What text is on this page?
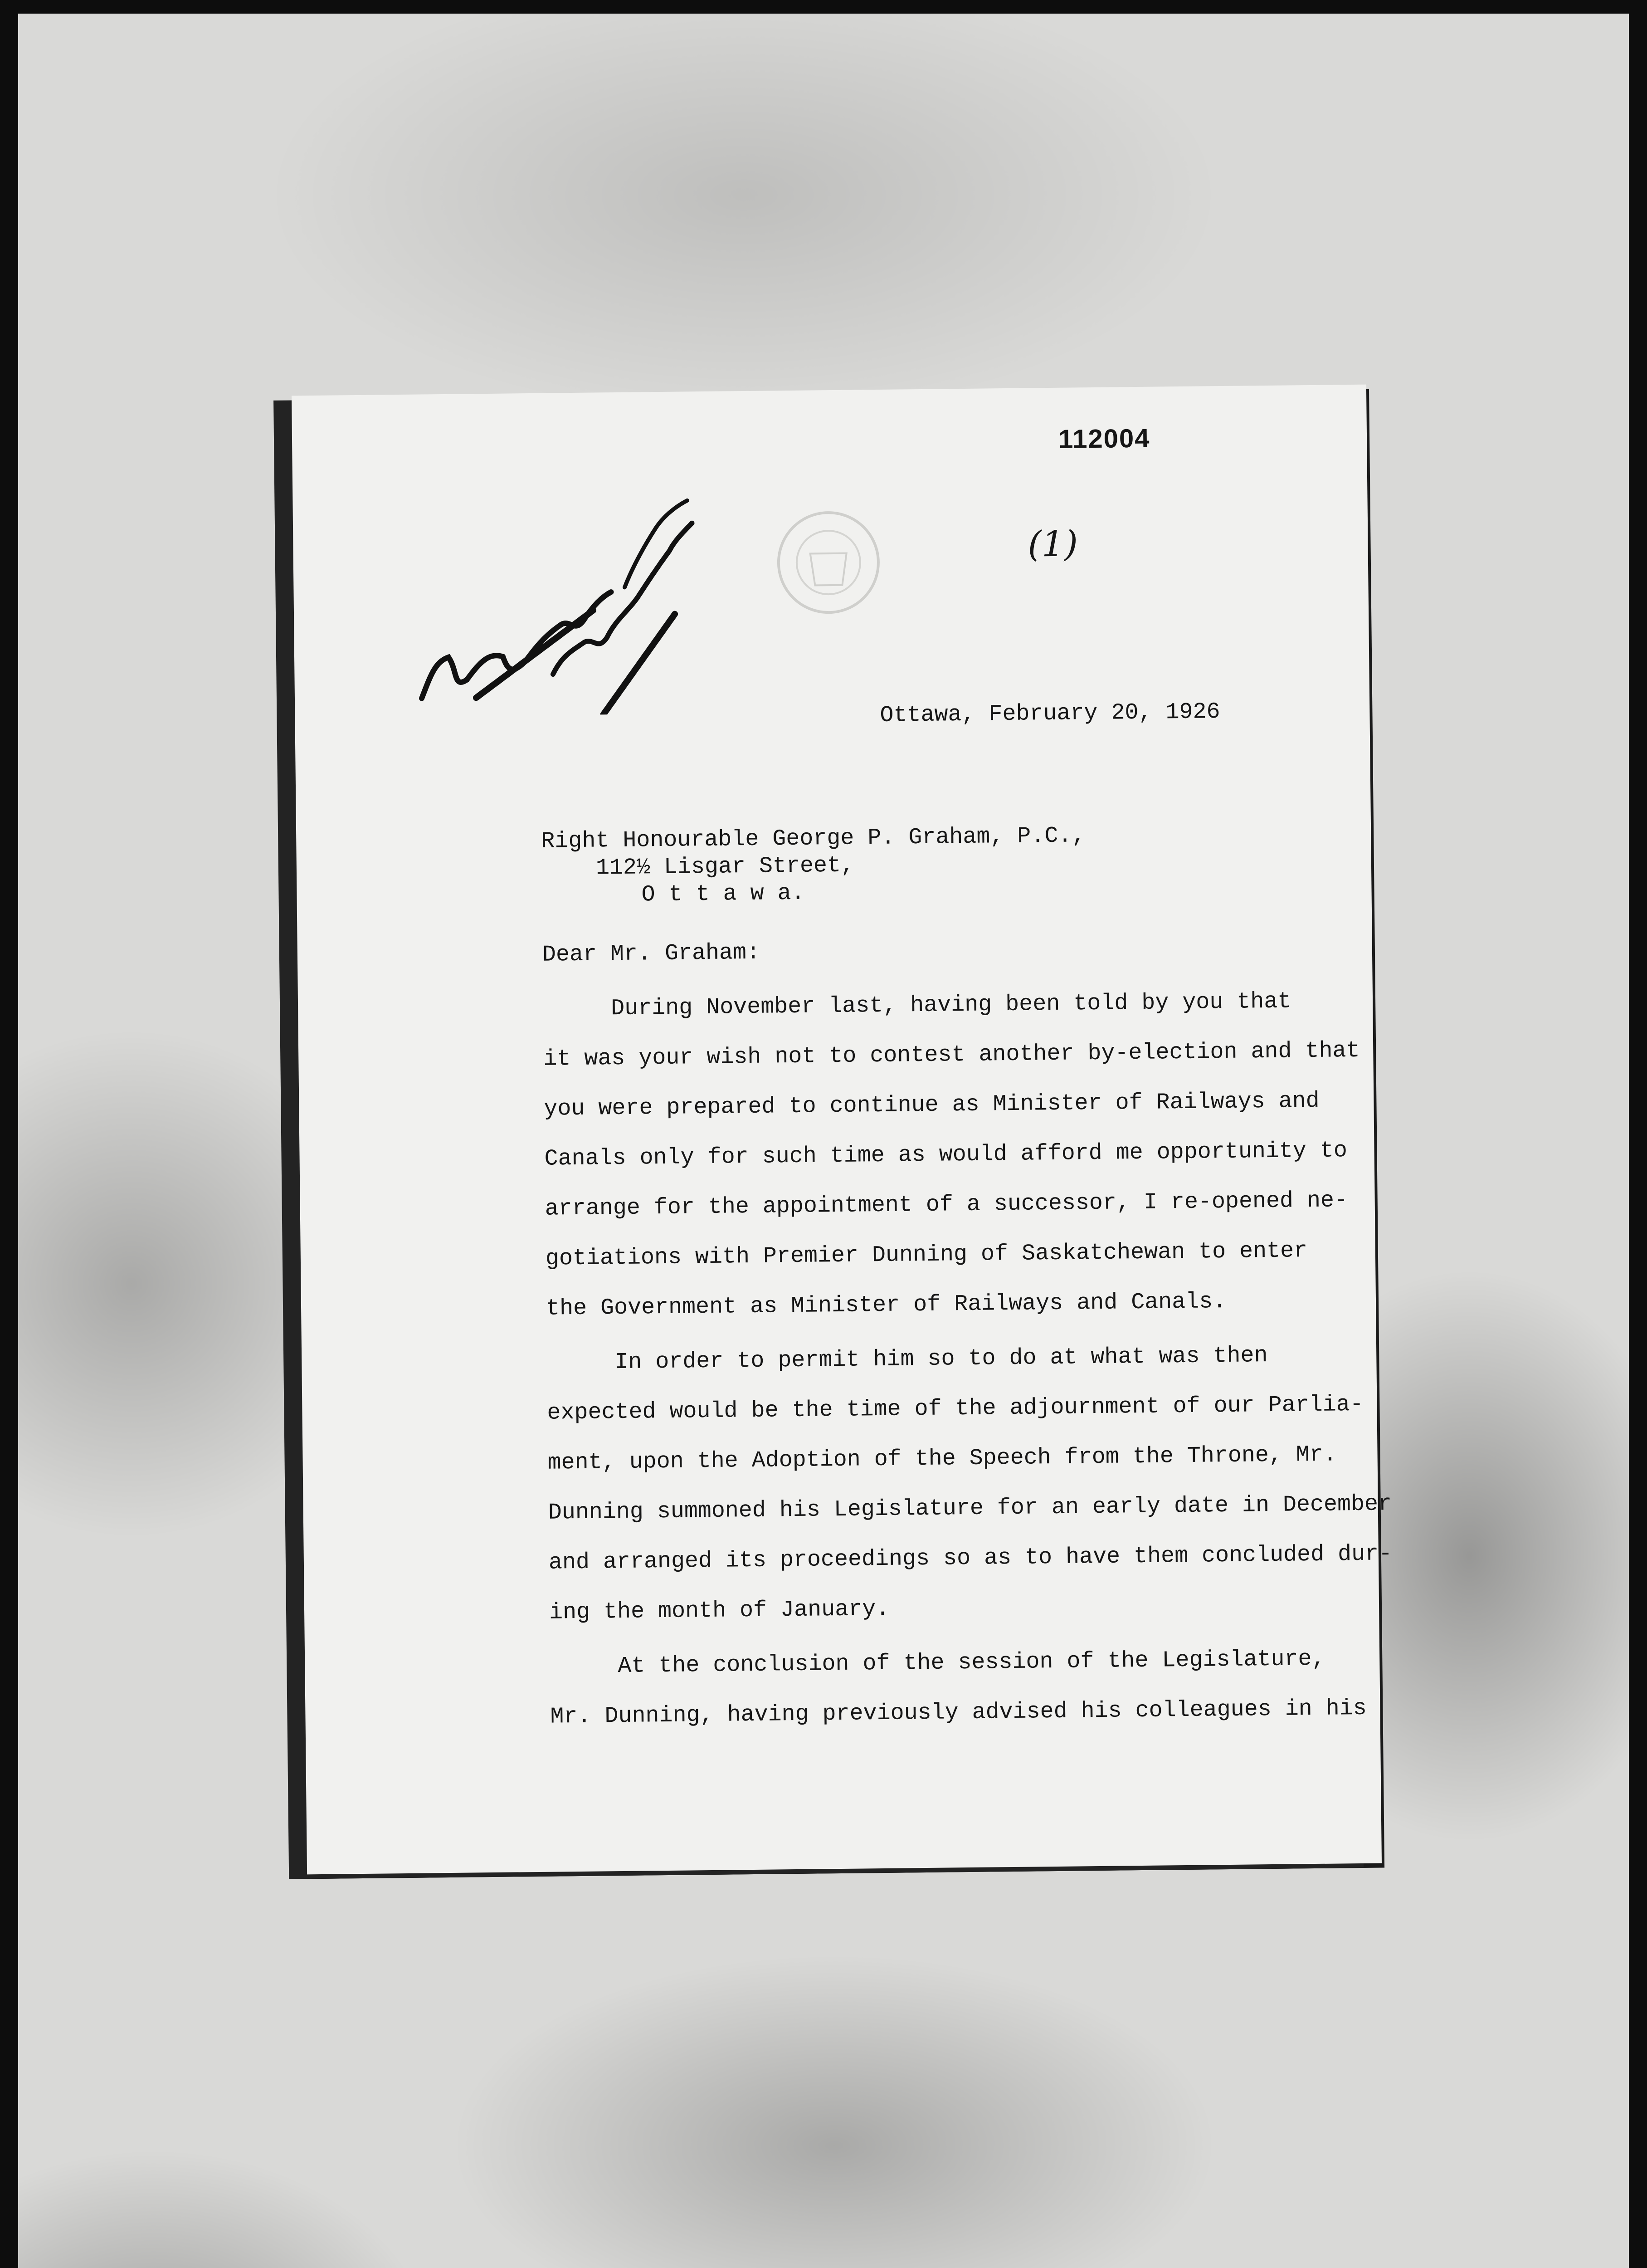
112004
(1)
Ottawa, February 20, 1926
Right Honourable George P. Graham, P.C.,
112½ Lisgar Street,
O t t a w a.
Dear Mr. Graham:
During November last, having been told by you that
it was your wish not to contest another by-election and that
you were prepared to continue as Minister of Railways and
Canals only for such time as would afford me opportunity to
arrange for the appointment of a successor, I re-opened ne-
gotiations with Premier Dunning of Saskatchewan to enter
the Government as Minister of Railways and Canals.
In order to permit him so to do at what was then
expected would be the time of the adjournment of our Parlia-
ment, upon the Adoption of the Speech from the Throne, Mr.
Dunning summoned his Legislature for an early date in December
and arranged its proceedings so as to have them concluded dur-
ing the month of January.
At the conclusion of the session of the Legislature,
Mr. Dunning, having previously advised his colleagues in his
